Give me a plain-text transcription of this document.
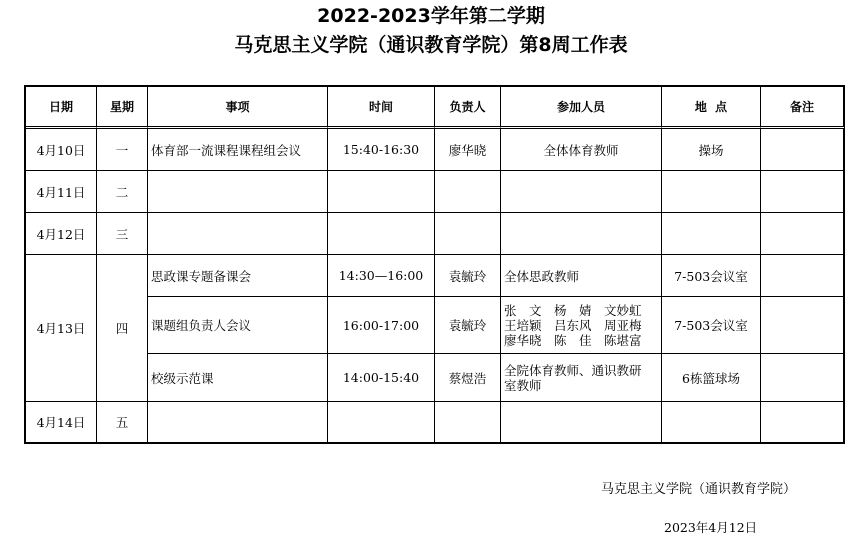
2022-2023学年第二学期
马克思主义学院（通识教育学院）第8周工作表
日期	星期	事项	时间	负责人	参加人员	地  点	备注
4月10日	一	体育部一流课程课程组会议	15:40-16:30	廖华晓	全体体育教师	操场	
4月11日	二						
4月12日	三						
4月13日	四	思政课专题备课会	14:30—16:00	袁毓玲	全体思政教师	7-503会议室	
		课题组负责人会议	16:00-17:00	袁毓玲	张　文　杨　婧　文妙虹
王培颖　吕东风　周亚梅
廖华晓　陈　佳　陈堪富	7-503会议室	
		校级示范课	14:00-15:40	蔡煜浩	全院体育教师、通识教研
室教师	6栋篮球场	
4月14日	五						
马克思主义学院（通识教育学院）
2023年4月12日
